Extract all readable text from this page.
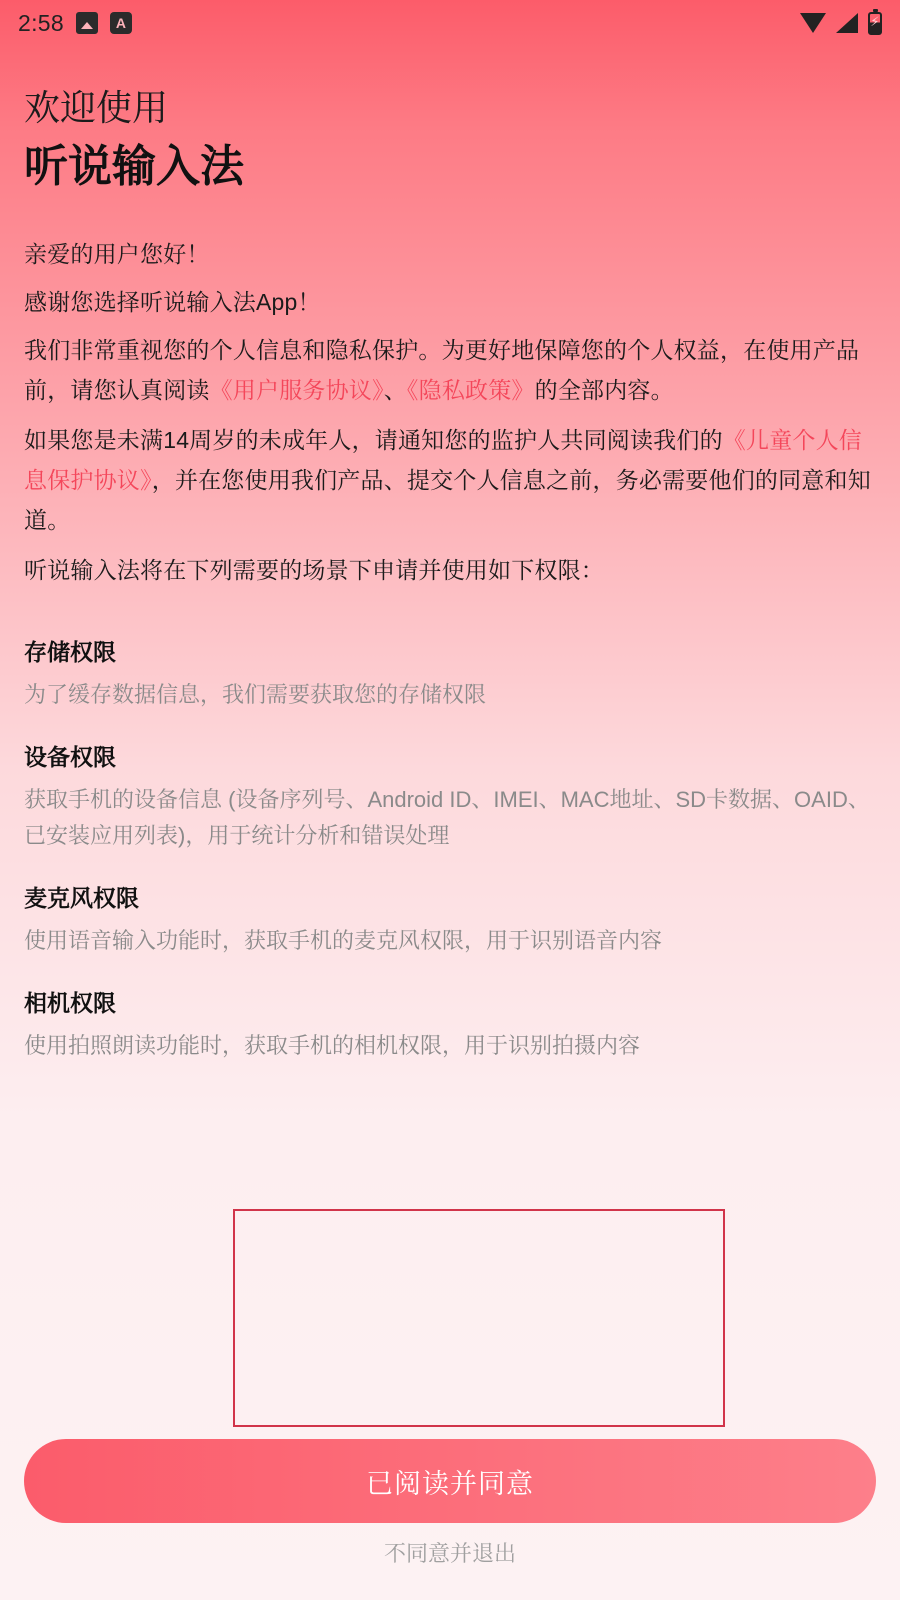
2:58	A
⚡
欢迎使用
听说输入法

亲爱的用户您好！

感谢您选择听说输入法App！

我们非常重视您的个人信息和隐私保护。为更好地保障您的个人权益，在使用产品前，请您认真阅读《用户服务协议》、《隐私政策》的全部内容。

如果您是未满14周岁的未成年人，请通知您的监护人共同阅读我们的《儿童个人信息保护协议》，并在您使用我们产品、提交个人信息之前，务必需要他们的同意和知道。

听说输入法将在下列需要的场景下申请并使用如下权限：

存储权限
为了缓存数据信息，我们需要获取您的存储权限
设备权限
获取手机的设备信息 (设备序列号、Android ID、IMEI、MAC地址、SD卡数据、OAID、已安装应用列表)，用于统计分析和错误处理
麦克风权限
使用语音输入功能时，获取手机的麦克风权限，用于识别语音内容
相机权限
使用拍照朗读功能时，获取手机的相机权限，用于识别拍摄内容
已阅读并同意
不同意并退出
